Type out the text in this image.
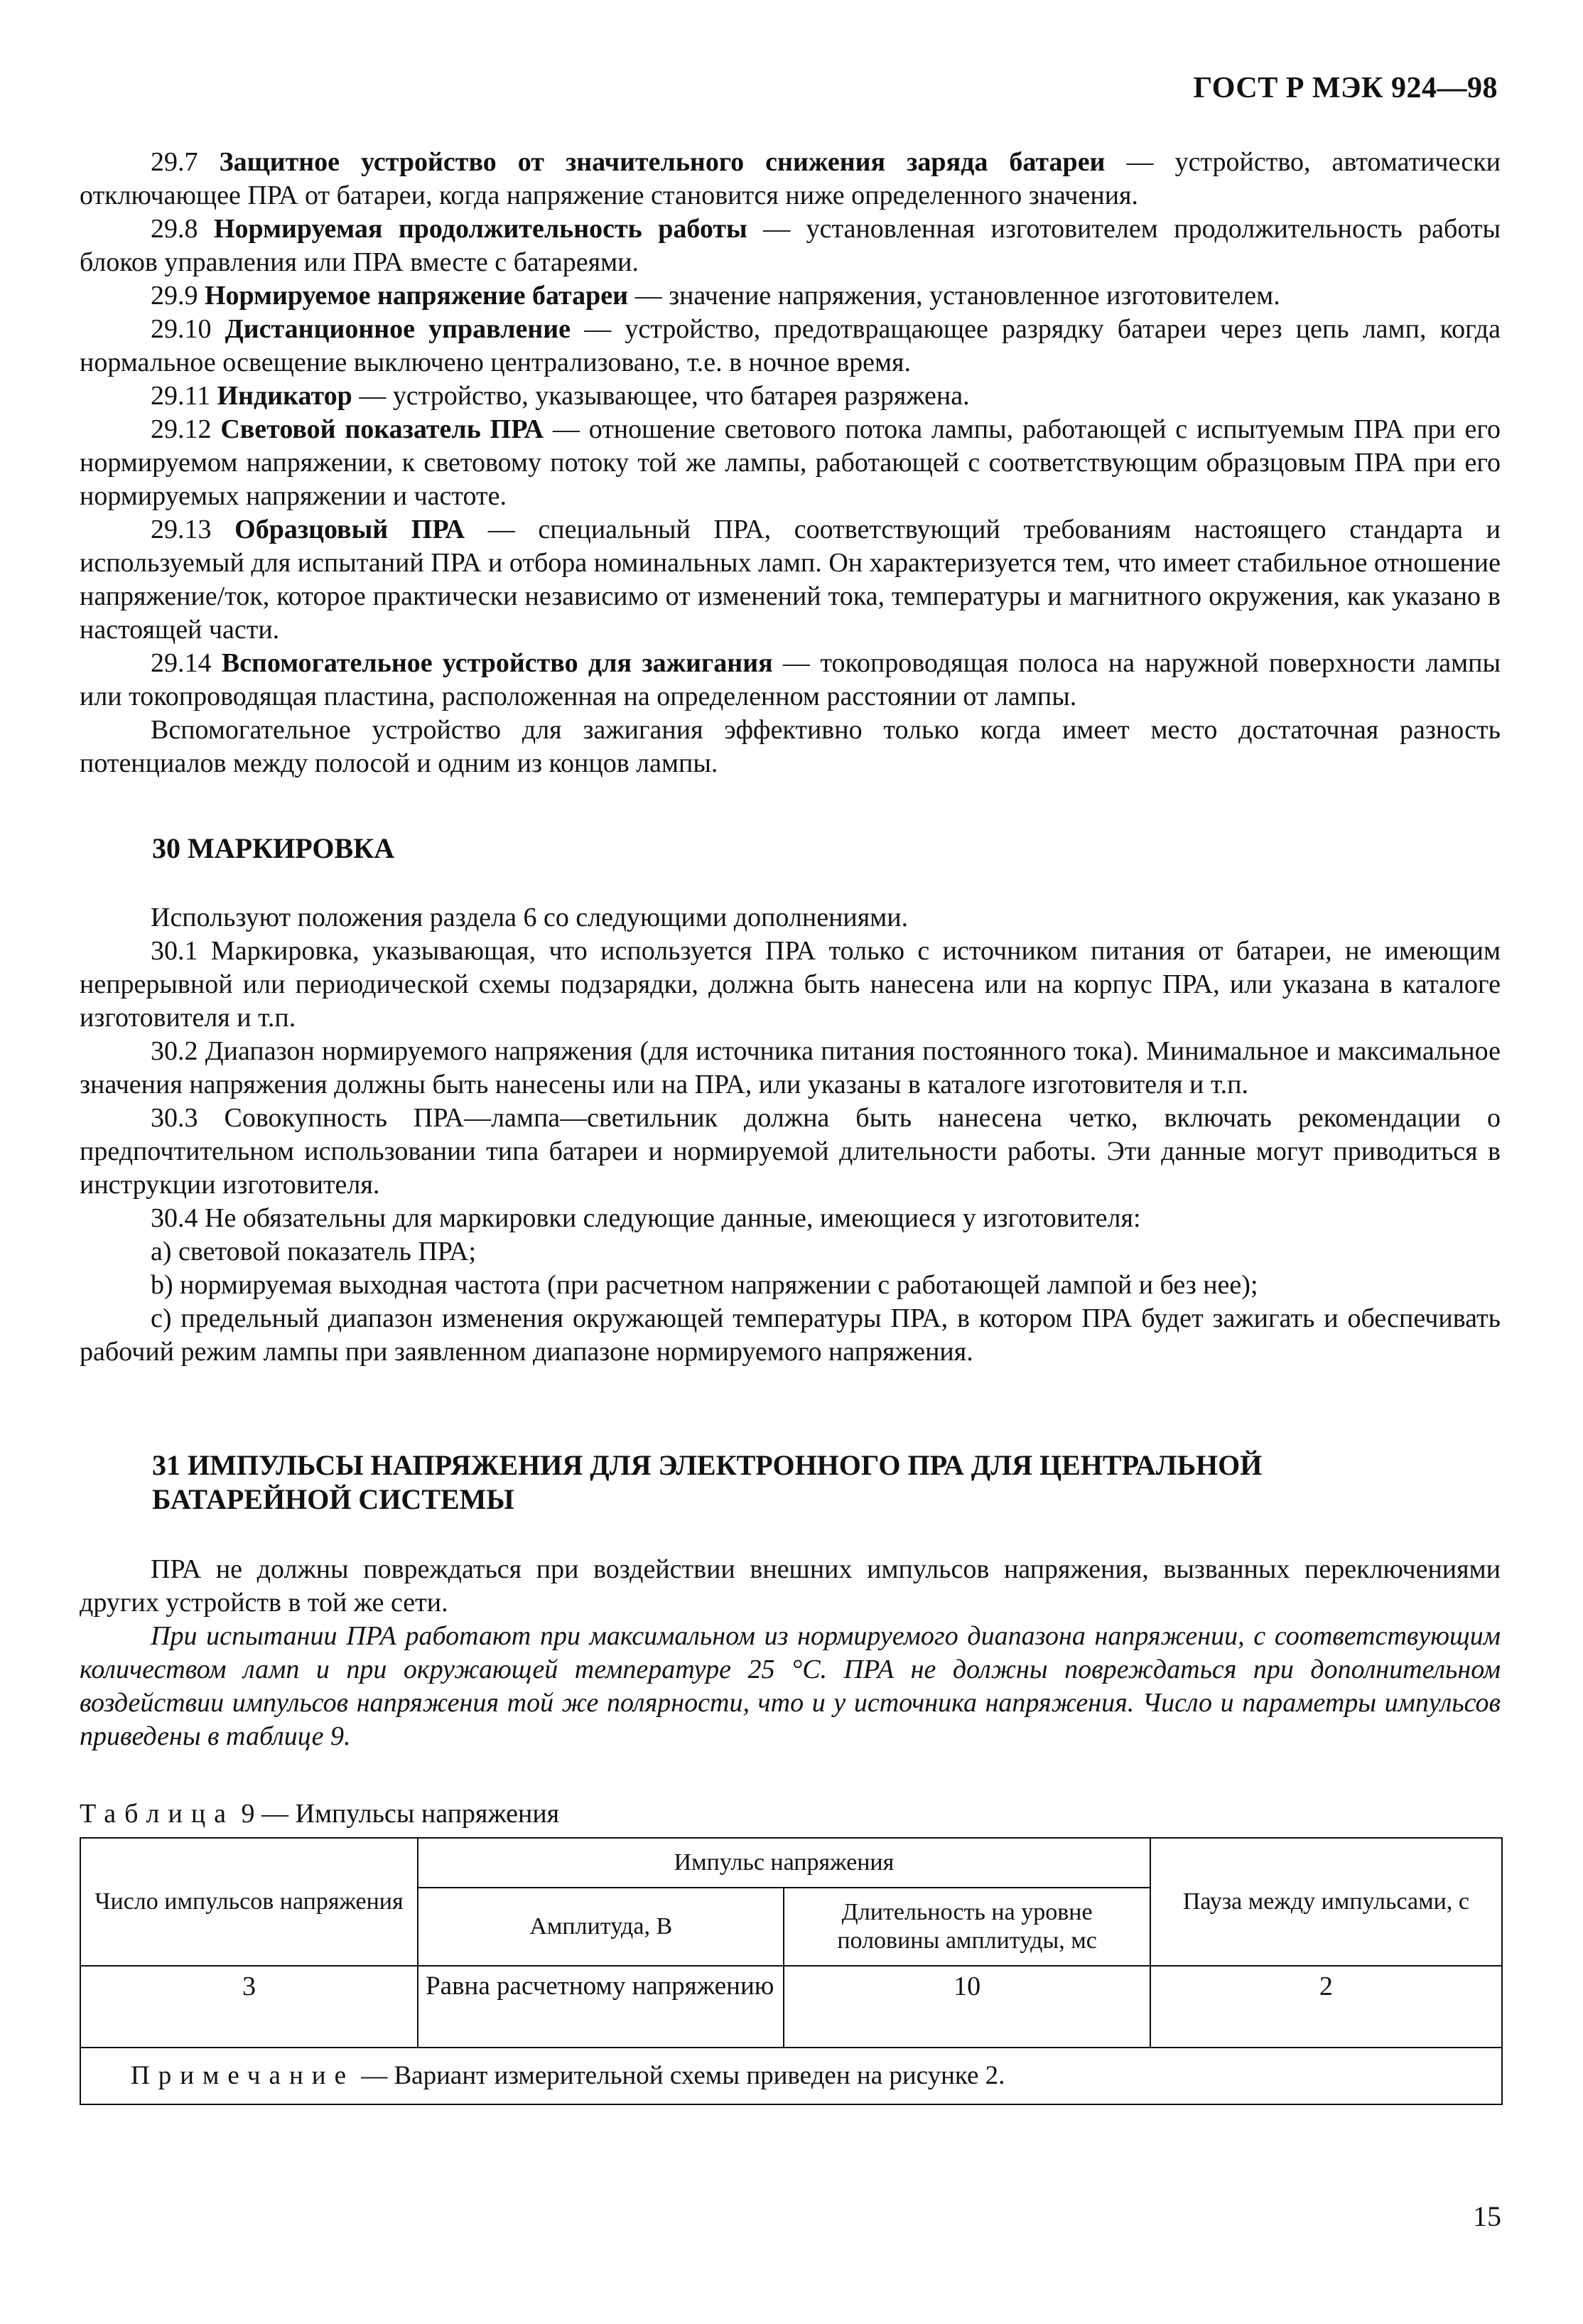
ГОСТ Р МЭК 924—98

29.7 Защитное устройство от значительного снижения заряда батареи — устройство, автоматически отключающее ПРА от батареи, когда напряжение становится ниже определенного значения.

29.8 Нормируемая продолжительность работы — установленная изготовителем продолжительность работы блоков управления или ПРА вместе с батареями.

29.9 Нормируемое напряжение батареи — значение напряжения, установленное изготовителем.

29.10 Дистанционное управление — устройство, предотвращающее разрядку батареи через цепь ламп, когда нормальное освещение выключено централизовано, т.е. в ночное время.

29.11 Индикатор — устройство, указывающее, что батарея разряжена.

29.12 Световой показатель ПРА — отношение светового потока лампы, работающей с испытуемым ПРА при его нормируемом напряжении, к световому потоку той же лампы, работающей с соответствующим образцовым ПРА при его нормируемых напряжении и частоте.

29.13 Образцовый ПРА — специальный ПРА, соответствующий требованиям настоящего стандарта и используемый для испытаний ПРА и отбора номинальных ламп. Он характеризуется тем, что имеет стабильное отношение напряжение/ток, которое практически независимо от изменений тока, температуры и магнитного окружения, как указано в настоящей части.

29.14 Вспомогательное устройство для зажигания — токопроводящая полоса на наружной поверхности лампы или токопроводящая пластина, расположенная на определенном расстоянии от лампы.

Вспомогательное устройство для зажигания эффективно только когда имеет место достаточная разность потенциалов между полосой и одним из концов лампы.

30 МАРКИРОВКА

Используют положения раздела 6 со следующими дополнениями.

30.1 Маркировка, указывающая, что используется ПРА только с источником питания от батареи, не имеющим непрерывной или периодической схемы подзарядки, должна быть нанесена или на корпус ПРА, или указана в каталоге изготовителя и т.п.

30.2 Диапазон нормируемого напряжения (для источника питания постоянного тока). Минимальное и максимальное значения напряжения должны быть нанесены или на ПРА, или указаны в каталоге изготовителя и т.п.

30.3 Совокупность ПРА—лампа—светильник должна быть нанесена четко, включать рекомендации о предпочтительном использовании типа батареи и нормируемой длительности работы. Эти данные могут приводиться в инструкции изготовителя.

30.4 Не обязательны для маркировки следующие данные, имеющиеся у изготовителя:

а) световой показатель ПРА;

b) нормируемая выходная частота (при расчетном напряжении с работающей лампой и без нее);

с) предельный диапазон изменения окружающей температуры ПРА, в котором ПРА будет зажигать и обеспечивать рабочий режим лампы при заявленном диапазоне нормируемого напряжения.

31 ИМПУЛЬСЫ НАПРЯЖЕНИЯ ДЛЯ ЭЛЕКТРОННОГО ПРА ДЛЯ ЦЕНТРАЛЬНОЙ
БАТАРЕЙНОЙ СИСТЕМЫ

ПРА не должны повреждаться при воздействии внешних импульсов напряжения, вызванных переключениями других устройств в той же сети.

При испытании ПРА работают при максимальном из нормируемого диапазона напряжении, с соответствующим количеством ламп и при окружающей температуре 25 °С. ПРА не должны повреждаться при дополнительном воздействии импульсов напряжения той же полярности, что и у источника напряжения. Число и параметры импульсов приведены в таблице 9.

Таблица 9 — Импульсы напряжения
Число импульсов напряжения	Импульс напряжения		Пауза между импульсами, с
	Амплитуда, В	Длительность на уровне половины амплитуды, мс	
3	Равна расчетному напряжению	10	2
Примечание — Вариант измерительной схемы приведен на рисунке 2.			
15
